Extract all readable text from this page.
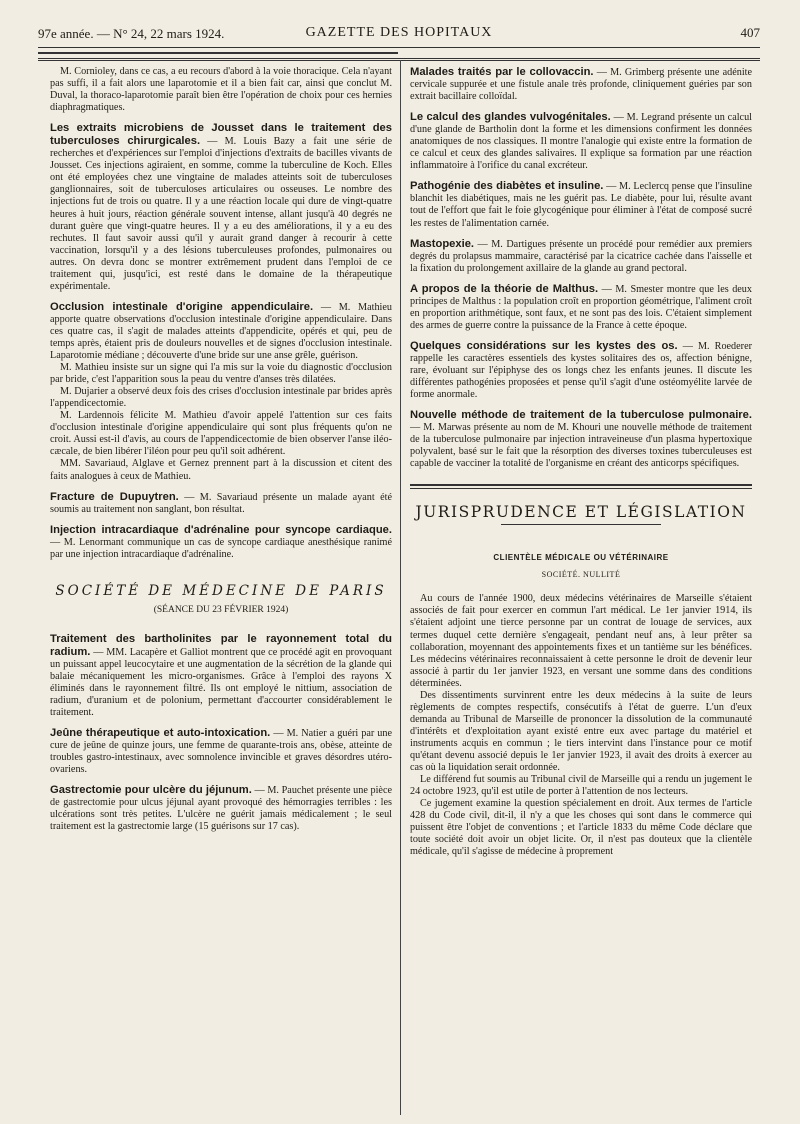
97e année. — N° 24, 22 mars 1924.	GAZETTE DES HOPITAUX	407

M. Cornioley, dans ce cas, a eu recours d'abord à la voie thoracique. Cela n'ayant pas suffi, il a fait alors une laparotomie et il a bien fait car, ainsi que conclut M. Duval, la thoraco-laparotomie paraît bien être l'opération de choix pour ces hernies diaphragmatiques.

Les extraits microbiens de Jousset dans le traitement des tuberculoses chirurgicales. — M. Louis Bazy a fait une série de recherches et d'expériences sur l'emploi d'injections d'extraits de bacilles vivants de Jousset. Ces injections agiraient, en somme, comme la tuberculine de Koch. Elles ont été employées chez une vingtaine de malades atteints soit de tuberculoses ganglionnaires, soit de tuberculoses articulaires ou osseuses. Le nombre des injections fut de trois ou quatre. Il y a une réaction locale qui dure de vingt-quatre heures à huit jours, réaction générale souvent intense, allant jusqu'à 40 degrés ne durant guère que vingt-quatre heures. Il y a eu des améliorations, il y a eu des rechutes. Il faut savoir aussi qu'il y aurait grand danger à recourir à cette vaccination, lorsqu'il y a des lésions tuberculeuses profondes, pulmonaires ou autres. On devra donc se montrer extrêmement prudent dans l'emploi de ce traitement qui, jusqu'ici, est resté dans le domaine de la thérapeutique expérimentale.

Occlusion intestinale d'origine appendiculaire. — M. Mathieu apporte quatre observations d'occlusion intestinale d'origine appendiculaire. Dans ces quatre cas, il s'agit de malades atteints d'appendicite, opérés et qui, peu de temps après, étaient pris de douleurs nouvelles et de signes d'occlusion intestinale. Laparotomie médiane ; découverte d'une bride sur une anse grêle, guérison.

M. Mathieu insiste sur un signe qui l'a mis sur la voie du diagnostic d'occlusion par bride, c'est l'apparition sous la peau du ventre d'anses très dilatées.

M. Dujarier a observé deux fois des crises d'occlusion intestinale par brides après l'appendicectomie.

M. Lardennois félicite M. Mathieu d'avoir appelé l'attention sur ces faits d'occlusion intestinale d'origine appendiculaire qui sont plus fréquents qu'on ne croit. Aussi est-il d'avis, au cours de l'appendicectomie de bien observer l'anse iléo-cæcale, de bien libérer l'iléon pour peu qu'il soit adhérent.

MM. Savariaud, Alglave et Gernez prennent part à la discussion et citent des faits analogues à ceux de Mathieu.

Fracture de Dupuytren. — M. Savariaud présente un malade ayant été soumis au traitement non sanglant, bon résultat.

Injection intracardiaque d'adrénaline pour syncope cardiaque. — M. Lenormant communique un cas de syncope cardiaque anesthésique ranimé par une injection intracardiaque d'adrénaline.

SOCIÉTÉ DE MÉDECINE DE PARIS
(SÉANCE DU 23 FÉVRIER 1924)

Traitement des bartholinites par le rayonnement total du radium. — MM. Lacapère et Galliot montrent que ce procédé agit en provoquant un puissant appel leucocytaire et une augmentation de la sécrétion de la glande qui balaie mécaniquement les micro-organismes. Grâce à l'emploi des rayons X éliminés dans le rayonnement filtré. Ils ont employé le nittium, association de radium, d'uranium et de polonium, permettant d'accourter considérablement le traitement.

Jeûne thérapeutique et auto-intoxication. — M. Natier a guéri par une cure de jeûne de quinze jours, une femme de quarante-trois ans, obèse, atteinte de troubles gastro-intestinaux, avec somnolence invincible et graves désordres utéro-ovariens.

Gastrectomie pour ulcère du jéjunum. — M. Pauchet présente une pièce de gastrectomie pour ulcus jéjunal ayant provoqué des hémorragies terribles : les ulcérations sont très petites. L'ulcère ne guérit jamais médicalement ; le seul traitement est la gastrectomie large (15 guérisons sur 17 cas).

Malades traités par le collovaccin. — M. Grimberg présente une adénite cervicale suppurée et une fistule anale très profonde, cliniquement guéries par son extrait bacillaire colloïdal.

Le calcul des glandes vulvogénitales. — M. Legrand présente un calcul d'une glande de Bartholin dont la forme et les dimensions confirment les données anatomiques de nos classiques. Il montre l'analogie qui existe entre la formation de ce calcul et ceux des glandes salivaires. Il explique sa formation par une réaction inflammatoire à l'orifice du canal excréteur.

Pathogénie des diabètes et insuline. — M. Leclercq pense que l'insuline blanchit les diabétiques, mais ne les guérit pas. Le diabète, pour lui, résulte avant tout de l'effort que fait le foie glycogénique pour éliminer à l'état de composé sucré les restes de l'alimentation carnée.

Mastopexie. — M. Dartigues présente un procédé pour remédier aux premiers degrés du prolapsus mammaire, caractérisé par la cicatrice cachée dans l'aisselle et la fixation du prolongement axillaire de la glande au grand pectoral.

A propos de la théorie de Malthus. — M. Smester montre que les deux principes de Malthus : la population croît en proportion géométrique, l'aliment croît en proportion arithmétique, sont faux, et ne sont pas des lois. C'étaient simplement des armes de guerre contre la puissance de la France à cette époque.

Quelques considérations sur les kystes des os. — M. Roederer rappelle les caractères essentiels des kystes solitaires des os, affection bénigne, rare, évoluant sur l'épiphyse des os longs chez les enfants jeunes. Il discute les différentes pathogénies proposées et pense qu'il s'agit d'une ostéomyélite larvée de forme anormale.

Nouvelle méthode de traitement de la tuberculose pulmonaire. — M. Marwas présente au nom de M. Khouri une nouvelle méthode de traitement de la tuberculose pulmonaire par injection intraveineuse d'un plasma hypertoxique polyvalent, basé sur le fait que la résorption des diverses toxines tuberculeuses est capable de vacciner la totalité de l'organisme en créant des anticorps spécifiques.

JURISPRUDENCE ET LÉGISLATION
CLIENTÈLE MÉDICALE OU VÉTÉRINAIRE
SOCIÉTÉ. NULLITÉ

Au cours de l'année 1900, deux médecins vétérinaires de Marseille s'étaient associés de fait pour exercer en commun l'art médical. Le 1er janvier 1914, ils s'étaient adjoint une tierce personne par un contrat de louage de services, aux termes duquel cette dernière s'engageait, pendant neuf ans, à leur prêter sa collaboration, moyennant des appointements fixes et un tantième sur les bénéfices. Les médecins vétérinaires reconnaissaient à cette personne le droit de devenir leur associé à partir du 1er janvier 1923, en versant une somme dans des conditions déterminées.

Des dissentiments survinrent entre les deux médecins à la suite de leurs règlements de comptes respectifs, consécutifs à l'état de guerre. L'un d'eux demanda au Tribunal de Marseille de prononcer la dissolution de la communauté d'intérêts et d'exploitation ayant existé entre eux avec partage du matériel et instruments acquis en commun ; le tiers intervint dans l'instance pour ce motif qu'étant devenu associé depuis le 1er janvier 1923, il avait des droits à exercer au cas où la liquidation serait ordonnée.

Le différend fut soumis au Tribunal civil de Marseille qui a rendu un jugement le 24 octobre 1923, qu'il est utile de porter à l'attention de nos lecteurs.

Ce jugement examine la question spécialement en droit. Aux termes de l'article 428 du Code civil, dit-il, il n'y a que les choses qui sont dans le commerce qui puissent être l'objet de conventions ; et l'article 1833 du même Code déclare que toute société doit avoir un objet licite. Or, il n'est pas douteux que la clientèle médicale, qu'il s'agisse de médecine à proprement
